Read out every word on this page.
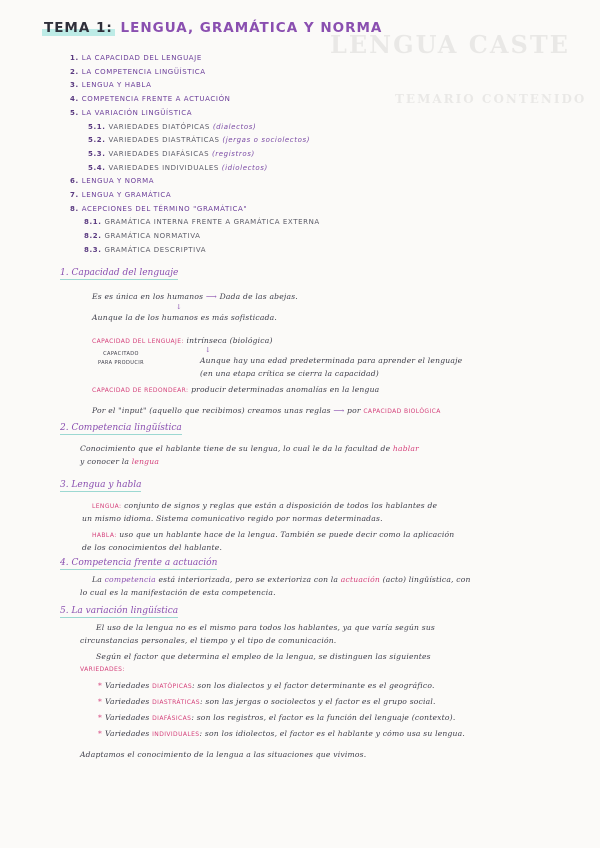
LENGUA CASTE
TEMARIO CONTENIDO
TEMA 1: LENGUA, GRAMÁTICA Y NORMA
1. LA CAPACIDAD DEL LENGUAJE
2. LA COMPETENCIA LINGÜÍSTICA
3. LENGUA Y HABLA
4. COMPETENCIA FRENTE A ACTUACIÓN
5. LA VARIACIÓN LINGÜÍSTICA
5.1. VARIEDADES DIATÓPICAS (dialectos)
5.2. VARIEDADES DIASTRÁTICAS (jergas o sociolectos)
5.3. VARIEDADES DIAFÁSICAS (registros)
5.4. VARIEDADES INDIVIDUALES (idiolectos)
6. LENGUA Y NORMA
7. LENGUA Y GRAMÁTICA
8. ACEPCIONES DEL TÉRMINO "GRAMÁTICA"
8.1. GRAMÁTICA INTERNA FRENTE A GRAMÁTICA EXTERNA
8.2. GRAMÁTICA NORMATIVA
8.3. GRAMÁTICA DESCRIPTIVA
1. Capacidad del lenguaje
Es es única en los humanos ⟶ Dada de las abejas.
↓
Aunque la de los humanos es más sofisticada.
CAPACIDAD DEL LENGUAJE: intrínseca (biológica)
↓
CAPACITADO PARA PRODUCIR	Aunque hay una edad predeterminada para aprender el lenguaje
(en una etapa crítica se cierra la capacidad)
CAPACIDAD DE REDONDEAR: producir determinadas anomalías en la lengua
Por el "input" (aquello que recibimos) creamos unas reglas ⟶ por CAPACIDAD BIOLÓGICA
2. Competencia lingüística
Conocimiento que el hablante tiene de su lengua, lo cual le da la facultad de hablar
y conocer la lengua
3. Lengua y habla
LENGUA: conjunto de signos y reglas que están a disposición de todos los hablantes de
un mismo idioma. Sistema comunicativo regido por normas determinadas.
HABLA: uso que un hablante hace de la lengua. También se puede decir como la aplicación
de los conocimientos del hablante.
4. Competencia frente a actuación
La competencia está interiorizada, pero se exterioriza con la actuación (acto) lingüística, con
lo cual es la manifestación de esta competencia.
5. La variación lingüística
El uso de la lengua no es el mismo para todos los hablantes, ya que varía según sus
circunstancias personales, el tiempo y el tipo de comunicación.
Según el factor que determina el empleo de la lengua, se distinguen las siguientes
VARIEDADES:
* Variedades DIATÓPICAS: son los dialectos y el factor determinante es el geográfico.
* Variedades DIASTRÁTICAS: son las jergas o sociolectos y el factor es el grupo social.
* Variedades DIAFÁSICAS: son los registros, el factor es la función del lenguaje (contexto).
* Variedades INDIVIDUALES: son los idiolectos, el factor es el hablante y cómo usa su lengua.
Adaptamos el conocimiento de la lengua a las situaciones que vivimos.
